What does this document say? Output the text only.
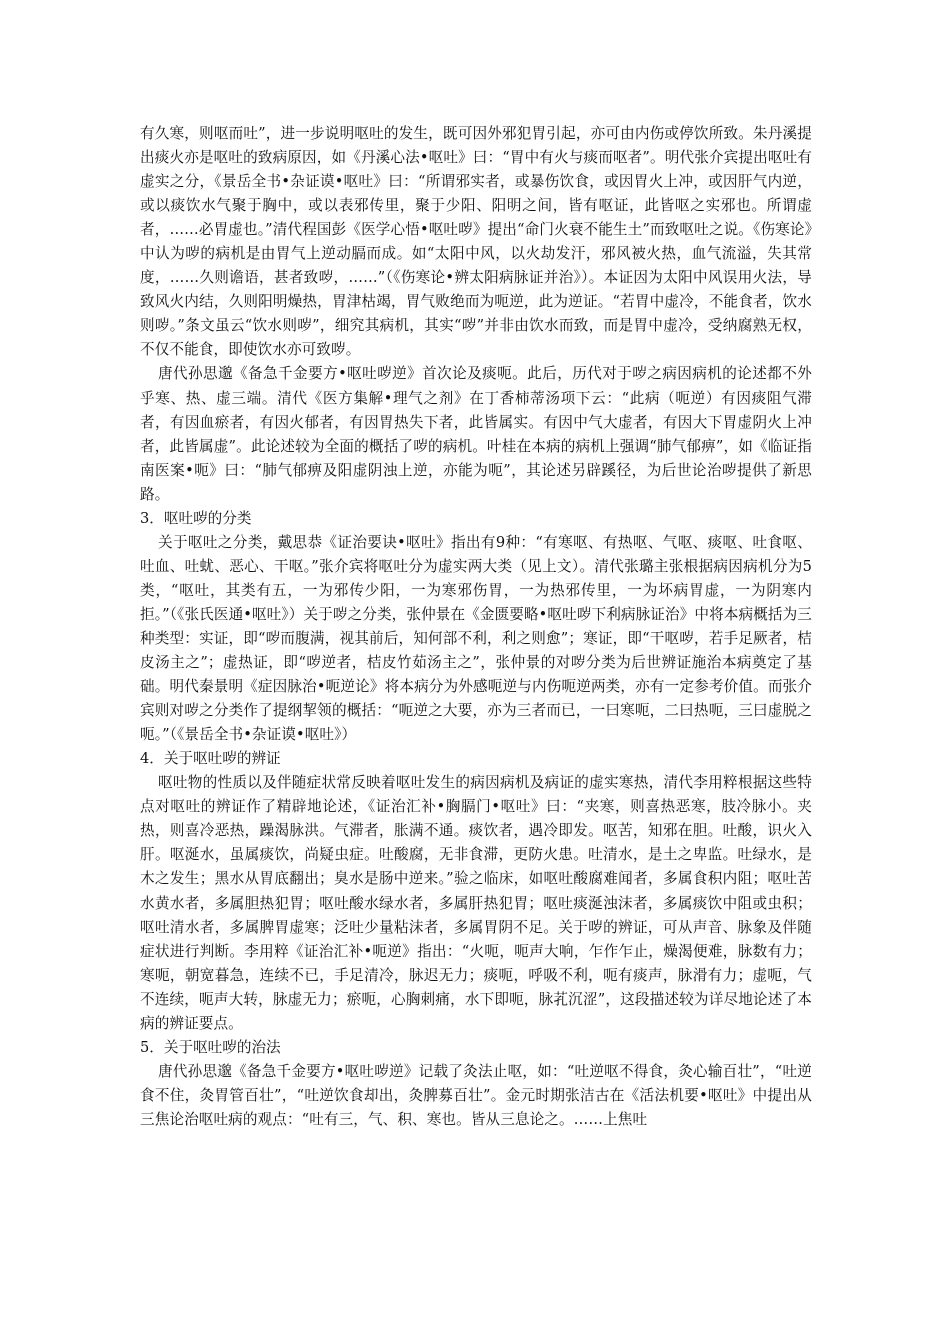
有久寒，则呕而吐”，进一步说明呕吐的发生，既可因外邪犯胃引起，亦可由内伤或停饮所致。朱丹溪提出痰火亦是呕吐的致病原因，如《丹溪心法•呕吐》曰：“胃中有火与痰而呕者”。明代张介宾提出呕吐有虚实之分，《景岳全书•杂证谟•呕吐》曰：“所谓邪实者，或暴伤饮食，或因胃火上冲，或因肝气内逆，或以痰饮水气聚于胸中，或以表邪传里，聚于少阳、阳明之间，皆有呕证，此皆呕之实邪也。所谓虚者，……必胃虚也。”清代程国彭《医学心悟•呕吐哕》提出“命门火衰不能生土”而致呕吐之说。《伤寒论》中认为哕的病机是由胃气上逆动膈而成。如“太阳中风，以火劫发汗，邪风被火热，血气流溢，失其常度，……久则谵语，甚者致哕，……”（《伤寒论•辨太阳病脉证并治》）。本证因为太阳中风误用火法，导致风火内结，久则阳明燥热，胃津枯竭，胃气败绝而为呃逆，此为逆证。“若胃中虚冷，不能食者，饮水则哕。”条文虽云“饮水则哕”，细究其病机，其实“哕”并非由饮水而致，而是胃中虚冷，受纳腐熟无权，不仅不能食，即使饮水亦可致哕。

唐代孙思邈《备急千金要方•呕吐哕逆》首次论及痰呃。此后，历代对于哕之病因病机的论述都不外乎寒、热、虚三端。清代《医方集解•理气之剂》在丁香柿蒂汤项下云：“此病（呃逆）有因痰阻气滞者，有因血瘀者，有因火郁者，有因胃热失下者，此皆属实。有因中气大虚者，有因大下胃虚阴火上冲者，此皆属虚”。此论述较为全面的概括了哕的病机。叶桂在本病的病机上强调“肺气郁痹”，如《临证指南医案•呃》曰：“肺气郁痹及阳虚阴浊上逆，亦能为呃”，其论述另辟蹊径，为后世论治哕提供了新思路。

3．呕吐哕的分类

关于呕吐之分类，戴思恭《证治要诀•呕吐》指出有9种：“有寒呕、有热呕、气呕、痰呕、吐食呕、吐血、吐蚘、恶心、干呕。”张介宾将呕吐分为虚实两大类（见上文）。清代张璐主张根据病因病机分为5类，“呕吐，其类有五，一为邪传少阳，一为寒邪伤胃，一为热邪传里，一为坏病胃虚，一为阴寒内拒。”（《张氏医通•呕吐》）关于哕之分类，张仲景在《金匮要略•呕吐哕下利病脉证治》中将本病概括为三种类型：实证，即“哕而腹满，视其前后，知何部不利，利之则愈”；寒证，即“干呕哕，若手足厥者，桔皮汤主之”；虚热证，即“哕逆者，桔皮竹茹汤主之”，张仲景的对哕分类为后世辨证施治本病奠定了基础。明代秦景明《症因脉治•呃逆论》将本病分为外感呃逆与内伤呃逆两类，亦有一定参考价值。而张介宾则对哕之分类作了提纲挈领的概括：“呃逆之大要，亦为三者而已，一曰寒呃，二曰热呃，三曰虚脱之呃。”（《景岳全书•杂证谟•呕吐》）

4．关于呕吐哕的辨证

呕吐物的性质以及伴随症状常反映着呕吐发生的病因病机及病证的虚实寒热，清代李用粹根据这些特点对呕吐的辨证作了精辟地论述，《证治汇补•胸膈门•呕吐》曰：“夹寒，则喜热恶寒，肢冷脉小。夹热，则喜冷恶热，躁渴脉洪。气滞者，胀满不通。痰饮者，遇冷即发。呕苦，知邪在胆。吐酸，识火入肝。呕涎水，虽属痰饮，尚疑虫症。吐酸腐，无非食滞，更防火患。吐清水，是土之卑监。吐绿水，是木之发生；黑水从胃底翻出；臭水是肠中逆来。”验之临床，如呕吐酸腐难闻者，多属食积内阻；呕吐苦水黄水者，多属胆热犯胃；呕吐酸水绿水者，多属肝热犯胃；呕吐痰涎浊沫者，多属痰饮中阻或虫积；呕吐清水者，多属脾胃虚寒；泛吐少量粘沫者，多属胃阴不足。关于哕的辨证，可从声音、脉象及伴随症状进行判断。李用粹《证治汇补•呃逆》指出：“火呃，呃声大响，乍作乍止，燥渴便难，脉数有力；寒呃，朝宽暮急，连续不已，手足清冷，脉迟无力；痰呃，呼吸不利，呃有痰声，脉滑有力；虚呃，气不连续，呃声大转，脉虚无力；瘀呃，心胸刺痛，水下即呃，脉芤沉涩”，这段描述较为详尽地论述了本病的辨证要点。

5．关于呕吐哕的治法

唐代孙思邈《备急千金要方•呕吐哕逆》记载了灸法止呕，如：“吐逆呕不得食，灸心输百壮”，“吐逆食不住，灸胃管百壮”，“吐逆饮食却出，灸脾募百壮”。金元时期张洁古在《活法机要•呕吐》中提出从三焦论治呕吐病的观点：“吐有三，气、积、寒也。皆从三息论之。……上焦吐
